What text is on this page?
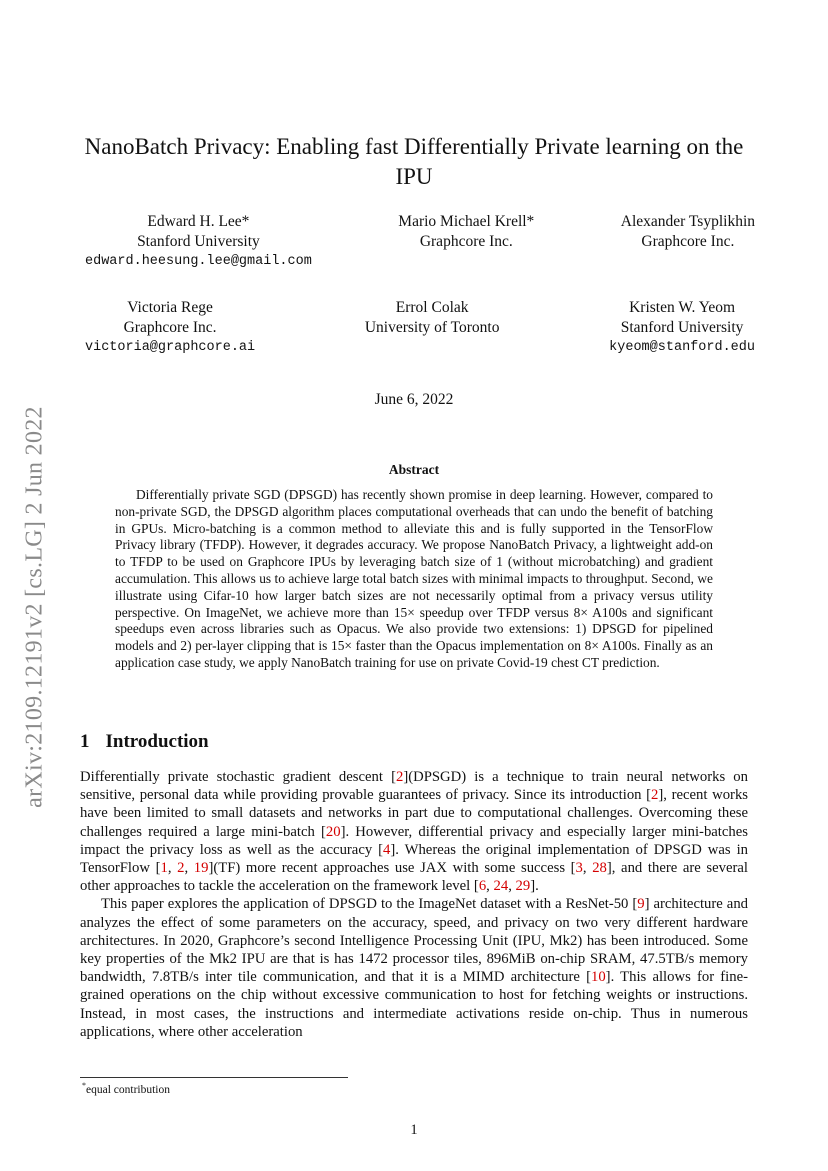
arXiv:2109.12191v2 [cs.LG] 2 Jun 2022
NanoBatch Privacy: Enabling fast Differentially Private learning on the IPU
Edward H. Lee*
Stanford University
edward.heesung.lee@gmail.com
Mario Michael Krell*
Graphcore Inc.
Alexander Tsyplikhin
Graphcore Inc.
Victoria Rege
Graphcore Inc.
victoria@graphcore.ai
Errol Colak
University of Toronto
Kristen W. Yeom
Stanford University
kyeom@stanford.edu
June 6, 2022
Abstract

Differentially private SGD (DPSGD) has recently shown promise in deep learning. However, compared to non-private SGD, the DPSGD algorithm places computational overheads that can undo the benefit of batching in GPUs. Micro-batching is a common method to alleviate this and is fully supported in the TensorFlow Privacy library (TFDP). However, it degrades accuracy. We propose NanoBatch Privacy, a lightweight add-on to TFDP to be used on Graphcore IPUs by leveraging batch size of 1 (without microbatching) and gradient accumulation. This allows us to achieve large total batch sizes with minimal impacts to throughput. Second, we illustrate using Cifar-10 how larger batch sizes are not necessarily optimal from a privacy versus utility perspective. On ImageNet, we achieve more than 15× speedup over TFDP versus 8× A100s and significant speedups even across libraries such as Opacus. We also provide two extensions: 1) DPSGD for pipelined models and 2) per-layer clipping that is 15× faster than the Opacus implementation on 8× A100s. Finally as an application case study, we apply NanoBatch training for use on private Covid-19 chest CT prediction.

1 Introduction

Differentially private stochastic gradient descent [2](DPSGD) is a technique to train neural networks on sensitive, personal data while providing provable guarantees of privacy. Since its introduction [2], recent works have been limited to small datasets and networks in part due to computational challenges. Overcoming these challenges required a large mini-batch [20]. However, differential privacy and especially larger mini-batches impact the privacy loss as well as the accuracy [4]. Whereas the original implementation of DPSGD was in TensorFlow [1, 2, 19](TF) more recent approaches use JAX with some success [3, 28], and there are several other approaches to tackle the acceleration on the framework level [6, 24, 29].

This paper explores the application of DPSGD to the ImageNet dataset with a ResNet-50 [9] architecture and analyzes the effect of some parameters on the accuracy, speed, and privacy on two very different hardware architectures. In 2020, Graphcore’s second Intelligence Processing Unit (IPU, Mk2) has been introduced. Some key properties of the Mk2 IPU are that is has 1472 processor tiles, 896MiB on-chip SRAM, 47.5TB/s memory bandwidth, 7.8TB/s inter tile communication, and that it is a MIMD architecture [10]. This allows for fine-grained operations on the chip without excessive communication to host for fetching weights or instructions. Instead, in most cases, the instructions and intermediate activations reside on-chip. Thus in numerous applications, where other acceleration

*equal contribution
1
